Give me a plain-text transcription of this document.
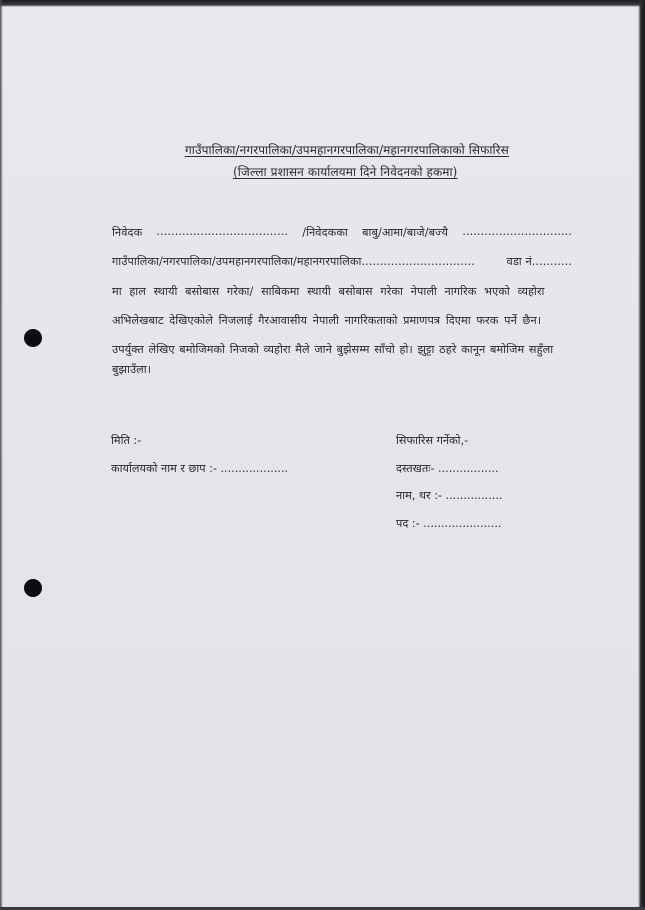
गाउँपालिका/नगरपालिका/उपमहानगरपालिका/महानगरपालिकाको सिफारिस
(जिल्ला प्रशासन कार्यालयमा दिने निवेदनको हकमा)
निवेदक .................................... /निवेदकका बाबु/आमा/बाजे/बज्यै ..............................
गाउँपालिका/नगरपालिका/उपमहानगरपालिका/महानगरपालिका...............................	वडा नं...........
मा हाल स्थायी बसोबास गरेका/ साबिकमा स्थायी बसोबास गरेका नेपाली नागरिक भएको व्यहोरा
अभिलेखबाट देखिएकोले निजलाई गैरआवासीय नेपाली नागरिकताको प्रमाणपत्र दिएमा फरक पर्ने छैन।
उपर्युक्त लेखिए बमोजिमको निजको व्यहोरा मैले जाने बुझेसम्म साँचो हो। झुट्टा ठहरे कानून बमोजिम सहुँला
बुझाउँला।
मिति :-
कार्यालयको नाम र छाप :- ...................
सिफारिस गर्नेको,-
दस्तखतः- .................
नाम, थर :- ................
पद :- ......................
